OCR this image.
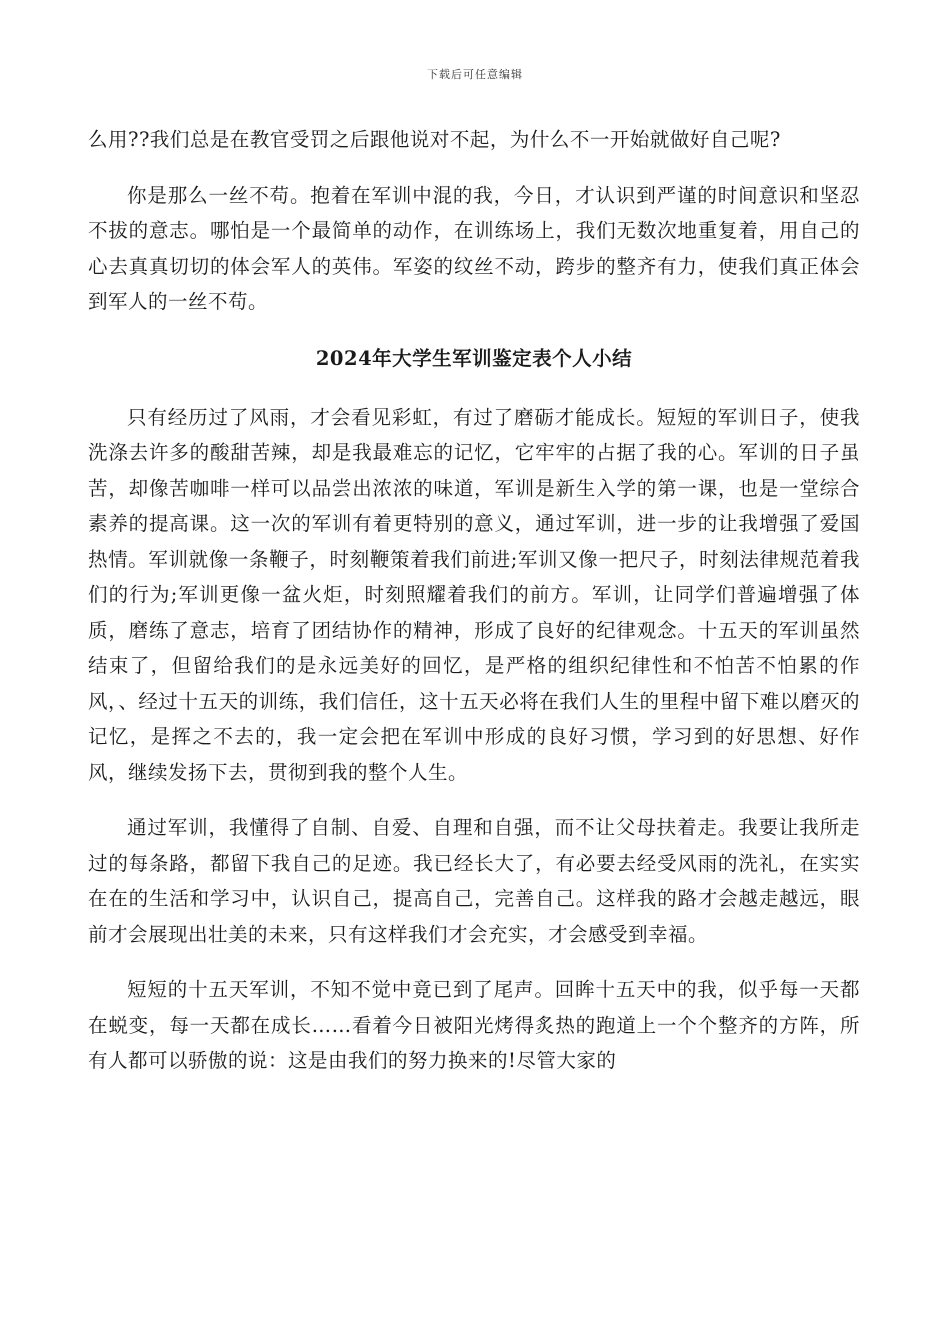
下载后可任意编辑

么用??我们总是在教官受罚之后跟他说对不起，为什么不一开始就做好自己呢?

你是那么一丝不苟。抱着在军训中混的我，今日，才认识到严谨的时间意识和坚忍不拔的意志。哪怕是一个最简单的动作，在训练场上，我们无数次地重复着，用自己的心去真真切切的体会军人的英伟。军姿的纹丝不动，跨步的整齐有力，使我们真正体会到军人的一丝不苟。

2024年大学生军训鉴定表个人小结

只有经历过了风雨，才会看见彩虹，有过了磨砺才能成长。短短的军训日子，使我洗涤去许多的酸甜苦辣，却是我最难忘的记忆，它牢牢的占据了我的心。军训的日子虽苦，却像苦咖啡一样可以品尝出浓浓的味道，军训是新生入学的第一课，也是一堂综合素养的提高课。这一次的军训有着更特别的意义，通过军训，进一步的让我增强了爱国热情。军训就像一条鞭子，时刻鞭策着我们前进;军训又像一把尺子，时刻法律规范着我们的行为;军训更像一盆火炬，时刻照耀着我们的前方。军训，让同学们普遍增强了体质，磨练了意志，培育了团结协作的精神，形成了良好的纪律观念。十五天的军训虽然结束了，但留给我们的是永远美好的回忆，是严格的组织纪律性和不怕苦不怕累的作风，、经过十五天的训练，我们信任，这十五天必将在我们人生的里程中留下难以磨灭的记忆，是挥之不去的，我一定会把在军训中形成的良好习惯，学习到的好思想、好作风，继续发扬下去，贯彻到我的整个人生。

通过军训，我懂得了自制、自爱、自理和自强，而不让父母扶着走。我要让我所走过的每条路，都留下我自己的足迹。我已经长大了，有必要去经受风雨的洗礼，在实实在在的生活和学习中，认识自己，提高自己，完善自己。这样我的路才会越走越远，眼前才会展现出壮美的未来，只有这样我们才会充实，才会感受到幸福。

短短的十五天军训，不知不觉中竟已到了尾声。回眸十五天中的我，似乎每一天都在蜕变，每一天都在成长……看着今日被阳光烤得炙热的跑道上一个个整齐的方阵，所有人都可以骄傲的说：这是由我们的努力换来的!尽管大家的
